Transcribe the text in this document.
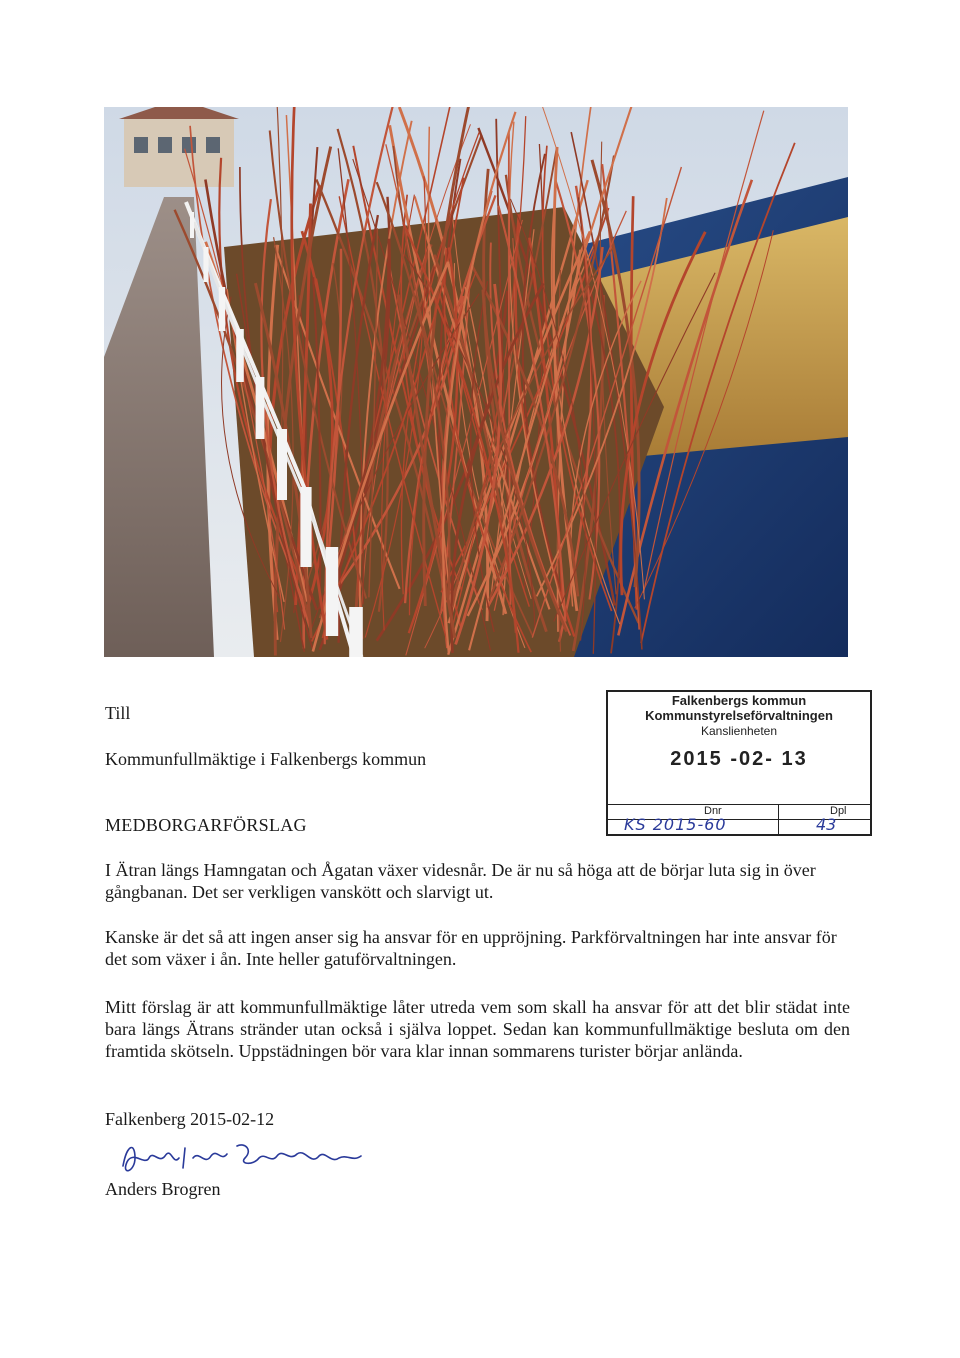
Till
Kommunfullmäktige i Falkenbergs kommun
MEDBORGARFÖRSLAG
Falkenbergs kommun
Kommunstyrelseförvaltningen
Kanslienheten
2015 -02- 13
Dnr	Dpl
KS 2015-60	43
I Ätran längs Hamngatan och Ågatan växer videsnår. De är nu så höga att de börjar luta sig in över gångbanan. Det ser verkligen vanskött och slarvigt ut.
Kanske är det så att ingen anser sig ha ansvar för en uppröjning. Parkförvaltningen har inte ansvar för det som växer i ån. Inte heller gatuförvaltningen.
Mitt förslag är att kommunfullmäktige låter utreda vem som skall ha ansvar för att det blir städat inte bara längs Ätrans stränder utan också i själva loppet. Sedan kan kommunfullmäktige besluta om den framtida skötseln. Uppstädningen bör vara klar innan sommarens turister börjar anlända.
Falkenberg 2015-02-12
Anders Brogren
